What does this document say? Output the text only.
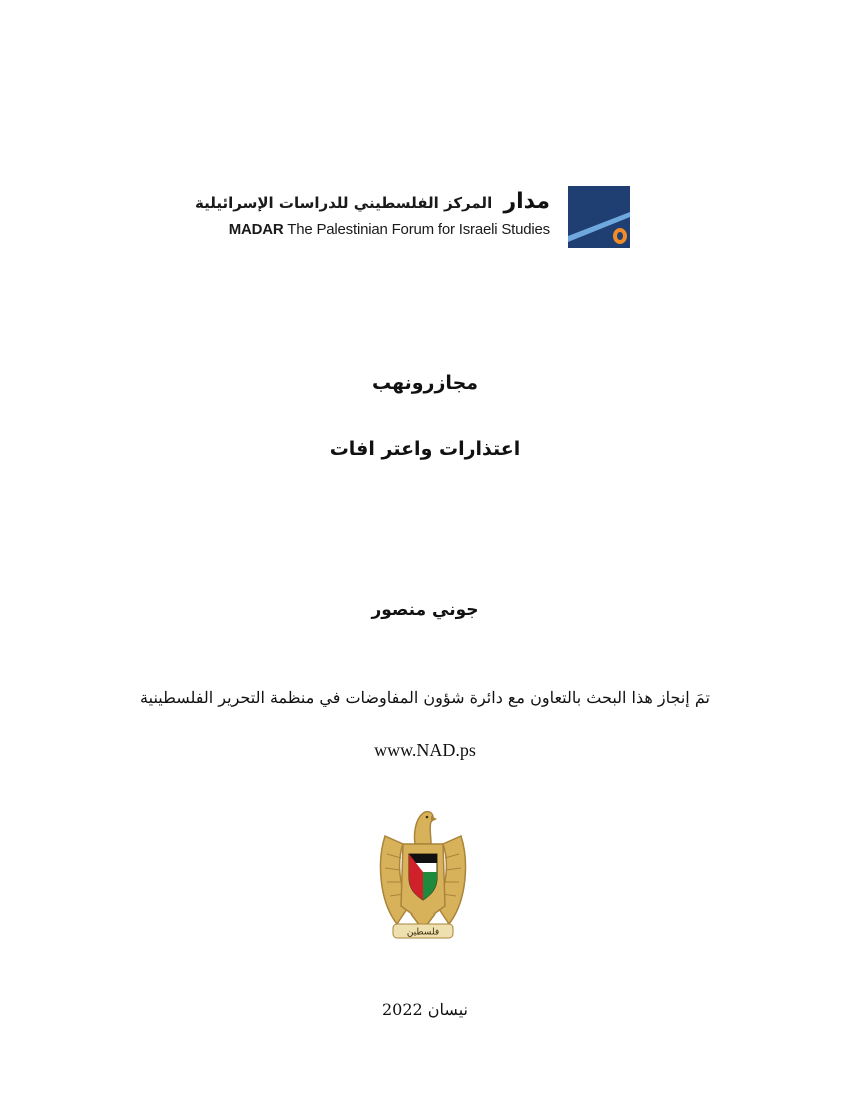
مدار المركز الفلسطيني للدراسات الإسرائيلية
MADAR The Palestinian Forum for Israeli Studies
مجازرونهب
اعتذارات واعتر افات
جوني منصور
تمَ إنجاز هذا البحث بالتعاون مع دائرة شؤون المفاوضات في منظمة التحرير الفلسطينية
www.NAD.ps
فلسطين
نيسان 2022
